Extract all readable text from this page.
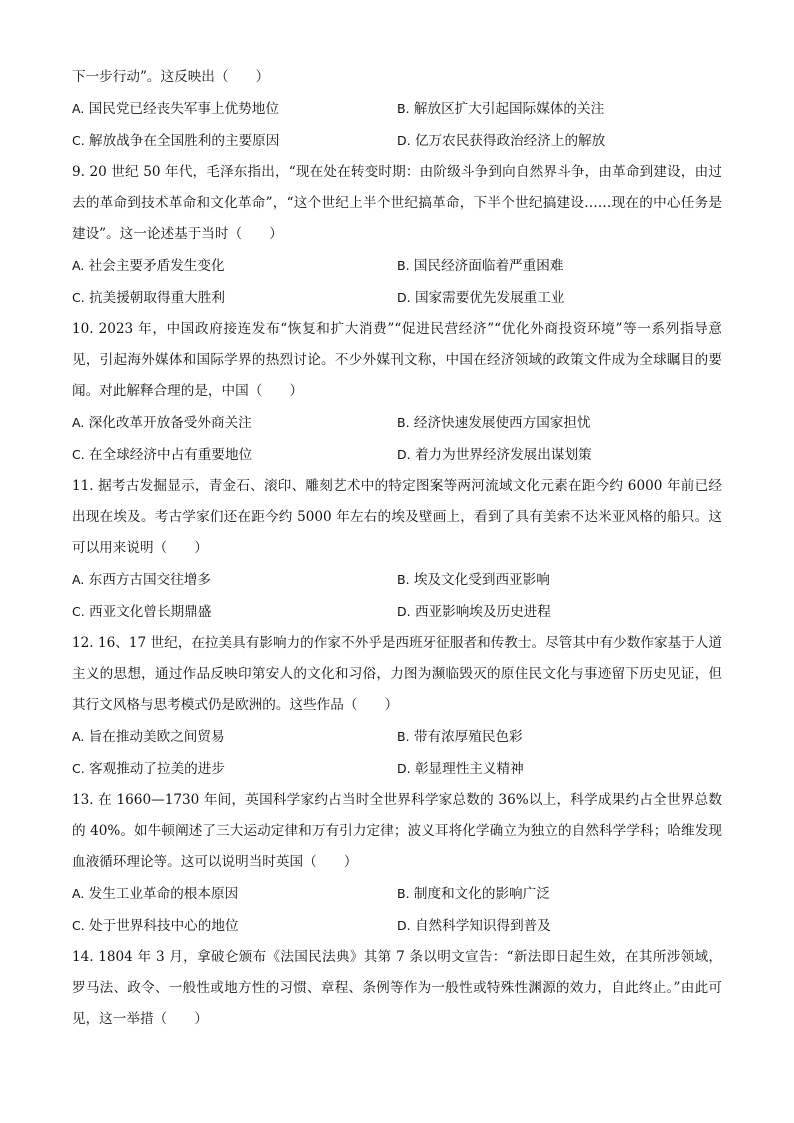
下一步行动”。这反映出（　　）

A. 国民党已经丧失军事上优势地位	B. 解放区扩大引起国际媒体的关注
C. 解放战争在全国胜利的主要原因	D. 亿万农民获得政治经济上的解放

9. 20 世纪 50 年代，毛泽东指出，“现在处在转变时期：由阶级斗争到向自然界斗争，由革命到建设，由过去的革命到技术革命和文化革命”，“这个世纪上半个世纪搞革命，下半个世纪搞建设……现在的中心任务是建设”。这一论述基于当时（　　）

A. 社会主要矛盾发生变化	B. 国民经济面临着严重困难
C. 抗美援朝取得重大胜利	D. 国家需要优先发展重工业

10. 2023 年，中国政府接连发布“恢复和扩大消费”“促进民营经济”“优化外商投资环境”等一系列指导意见，引起海外媒体和国际学界的热烈讨论。不少外媒刊文称，中国在经济领域的政策文件成为全球瞩目的要闻。对此解释合理的是，中国（　　）

A. 深化改革开放备受外商关注	B. 经济快速发展使西方国家担忧
C. 在全球经济中占有重要地位	D. 着力为世界经济发展出谋划策

11. 据考古发掘显示，青金石、滚印、雕刻艺术中的特定图案等两河流域文化元素在距今约 6000 年前已经出现在埃及。考古学家们还在距今约 5000 年左右的埃及壁画上，看到了具有美索不达米亚风格的船只。这可以用来说明（　　）

A. 东西方古国交往增多	B. 埃及文化受到西亚影响
C. 西亚文化曾长期鼎盛	D. 西亚影响埃及历史进程

12. 16、17 世纪，在拉美具有影响力的作家不外乎是西班牙征服者和传教士。尽管其中有少数作家基于人道主义的思想，通过作品反映印第安人的文化和习俗，力图为濒临毁灭的原住民文化与事迹留下历史见证，但其行文风格与思考模式仍是欧洲的。这些作品（　　）

A. 旨在推动美欧之间贸易	B. 带有浓厚殖民色彩
C. 客观推动了拉美的进步	D. 彰显理性主义精神

13. 在 1660—1730 年间，英国科学家约占当时全世界科学家总数的 36%以上，科学成果约占全世界总数的 40%。如牛顿阐述了三大运动定律和万有引力定律；波义耳将化学确立为独立的自然科学学科；哈维发现血液循环理论等。这可以说明当时英国（　　）

A. 发生工业革命的根本原因	B. 制度和文化的影响广泛
C. 处于世界科技中心的地位	D. 自然科学知识得到普及

14. 1804 年 3 月，拿破仑颁布《法国民法典》其第 7 条以明文宣告：“新法即日起生效，在其所涉领域，罗马法、政令、一般性或地方性的习惯、章程、条例等作为一般性或特殊性渊源的效力，自此终止。”由此可见，这一举措（　　）
